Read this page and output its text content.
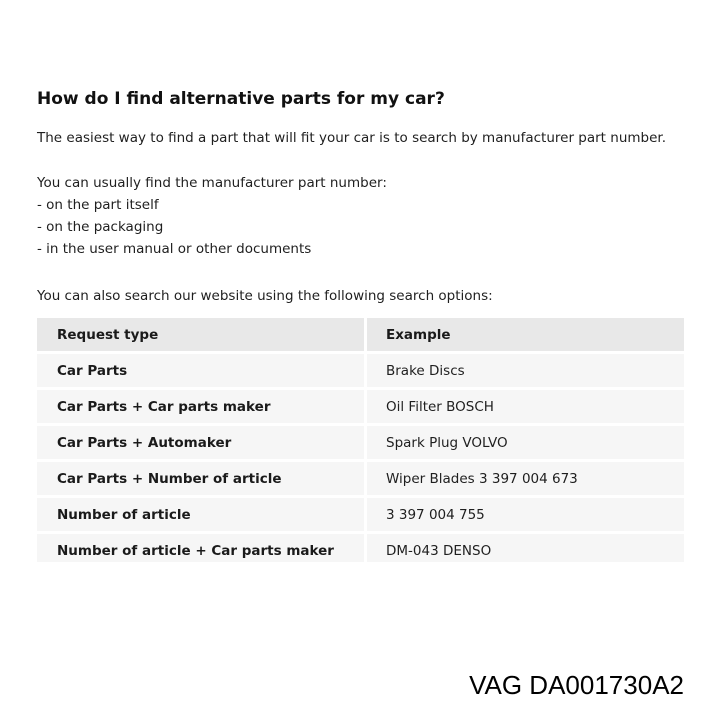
How do I find alternative parts for my car?

The easiest way to find a part that will fit your car is to search by manufacturer part number.

You can usually find the manufacturer part number:
- on the part itself
- on the packaging
- in the user manual or other documents

You can also search our website using the following search options:

Request type	Example
Car Parts	Brake Discs
Car Parts + Car parts maker	Oil Filter BOSCH
Car Parts + Automaker	Spark Plug VOLVO
Car Parts + Number of article	Wiper Blades 3 397 004 673
Number of article	3 397 004 755
Number of article + Car parts maker	DM-043 DENSO
VAG DA001730A2
